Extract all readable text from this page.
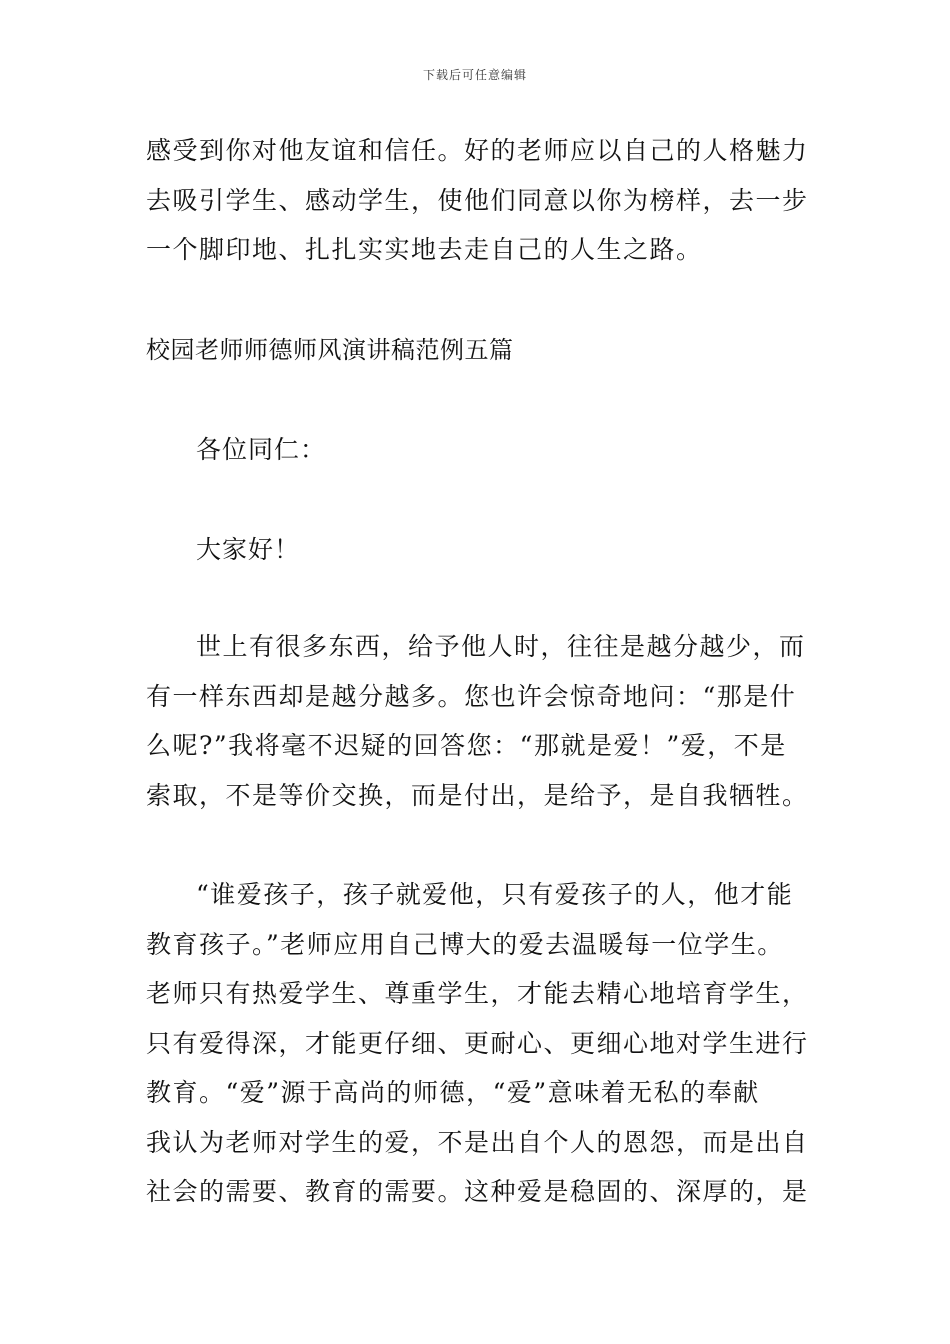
下载后可任意编辑
感受到你对他友谊和信任。好的老师应以自己的人格魅力
去吸引学生、感动学生，使他们同意以你为榜样，去一步
一个脚印地、扎扎实实地去走自己的人生之路。
校园老师师德师风演讲稿范例五篇
各位同仁：
大家好！
世上有很多东西，给予他人时，往往是越分越少，而
有一样东西却是越分越多。您也许会惊奇地问：“那是什
么呢?”我将毫不迟疑的回答您：“那就是爱！”爱，不是
索取，不是等价交换，而是付出，是给予，是自我牺牲。
“谁爱孩子，孩子就爱他，只有爱孩子的人，他才能
教育孩子。”老师应用自己博大的爱去温暖每一位学生。
老师只有热爱学生、尊重学生，才能去精心地培育学生，
只有爱得深，才能更仔细、更耐心、更细心地对学生进行
教育。“爱”源于高尚的师德，“爱”意味着无私的奉献
我认为老师对学生的爱，不是出自个人的恩怨，而是出自
社会的需要、教育的需要。这种爱是稳固的、深厚的，是
